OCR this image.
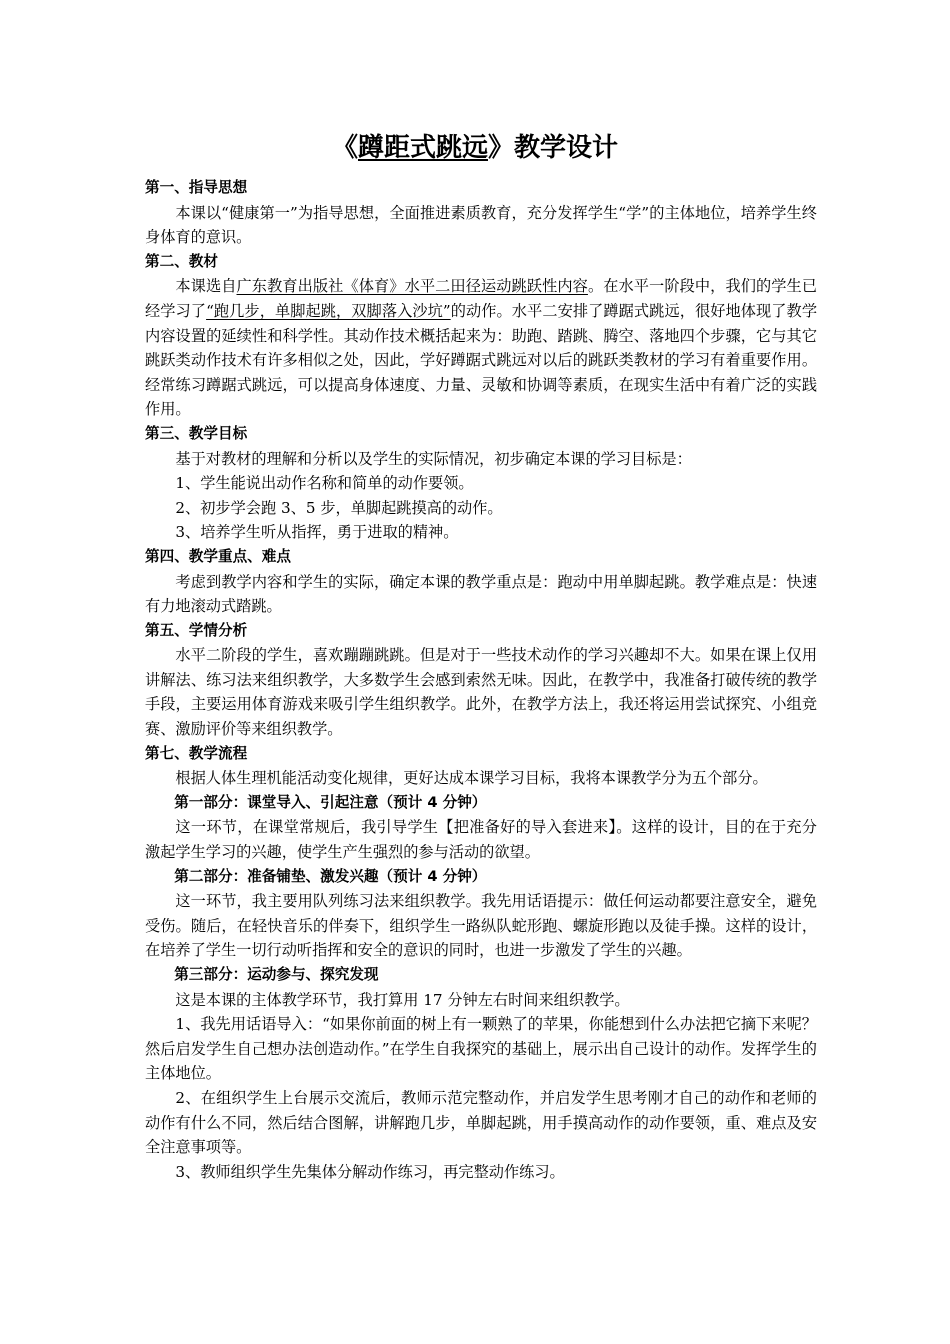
《蹲距式跳远》教学设计

第一、指导思想

本课以“健康第一”为指导思想，全面推进素质教育，充分发挥学生“学”的主体地位，培养学生终身体育的意识。

第二、教材

本课选自广东教育出版社《体育》水平二田径运动跳跃性内容。在水平一阶段中，我们的学生已经学习了“跑几步，单脚起跳，双脚落入沙坑”的动作。水平二安排了蹲踞式跳远，很好地体现了教学内容设置的延续性和科学性。其动作技术概括起来为：助跑、踏跳、腾空、落地四个步骤，它与其它跳跃类动作技术有许多相似之处，因此，学好蹲踞式跳远对以后的跳跃类教材的学习有着重要作用。经常练习蹲踞式跳远，可以提高身体速度、力量、灵敏和协调等素质，在现实生活中有着广泛的实践作用。

第三、教学目标

基于对教材的理解和分析以及学生的实际情况，初步确定本课的学习目标是：

1、学生能说出动作名称和简单的动作要领。

2、初步学会跑 3、5 步，单脚起跳摸高的动作。

3、培养学生听从指挥，勇于进取的精神。

第四、教学重点、难点

考虑到教学内容和学生的实际，确定本课的教学重点是：跑动中用单脚起跳。教学难点是：快速有力地滚动式踏跳。

第五、学情分析

水平二阶段的学生，喜欢蹦蹦跳跳。但是对于一些技术动作的学习兴趣却不大。如果在课上仅用讲解法、练习法来组织教学，大多数学生会感到索然无味。因此，在教学中，我准备打破传统的教学手段，主要运用体育游戏来吸引学生组织教学。此外，在教学方法上，我还将运用尝试探究、小组竞赛、激励评价等来组织教学。

第七、教学流程

根据人体生理机能活动变化规律，更好达成本课学习目标，我将本课教学分为五个部分。

第一部分：课堂导入、引起注意（预计 4 分钟）

这一环节，在课堂常规后，我引导学生【把准备好的导入套进来】。这样的设计，目的在于充分激起学生学习的兴趣，使学生产生强烈的参与活动的欲望。

第二部分：准备铺垫、激发兴趣（预计 4 分钟）

这一环节，我主要用队列练习法来组织教学。我先用话语提示：做任何运动都要注意安全，避免受伤。随后，在轻快音乐的伴奏下，组织学生一路纵队蛇形跑、螺旋形跑以及徒手操。这样的设计，在培养了学生一切行动听指挥和安全的意识的同时，也进一步激发了学生的兴趣。

第三部分：运动参与、探究发现

这是本课的主体教学环节，我打算用 17 分钟左右时间来组织教学。

1、我先用话语导入：“如果你前面的树上有一颗熟了的苹果，你能想到什么办法把它摘下来呢？然后启发学生自己想办法创造动作。”在学生自我探究的基础上，展示出自己设计的动作。发挥学生的主体地位。

2、在组织学生上台展示交流后，教师示范完整动作，并启发学生思考刚才自己的动作和老师的动作有什么不同，然后结合图解，讲解跑几步，单脚起跳，用手摸高动作的动作要领，重、难点及安全注意事项等。

3、教师组织学生先集体分解动作练习，再完整动作练习。
